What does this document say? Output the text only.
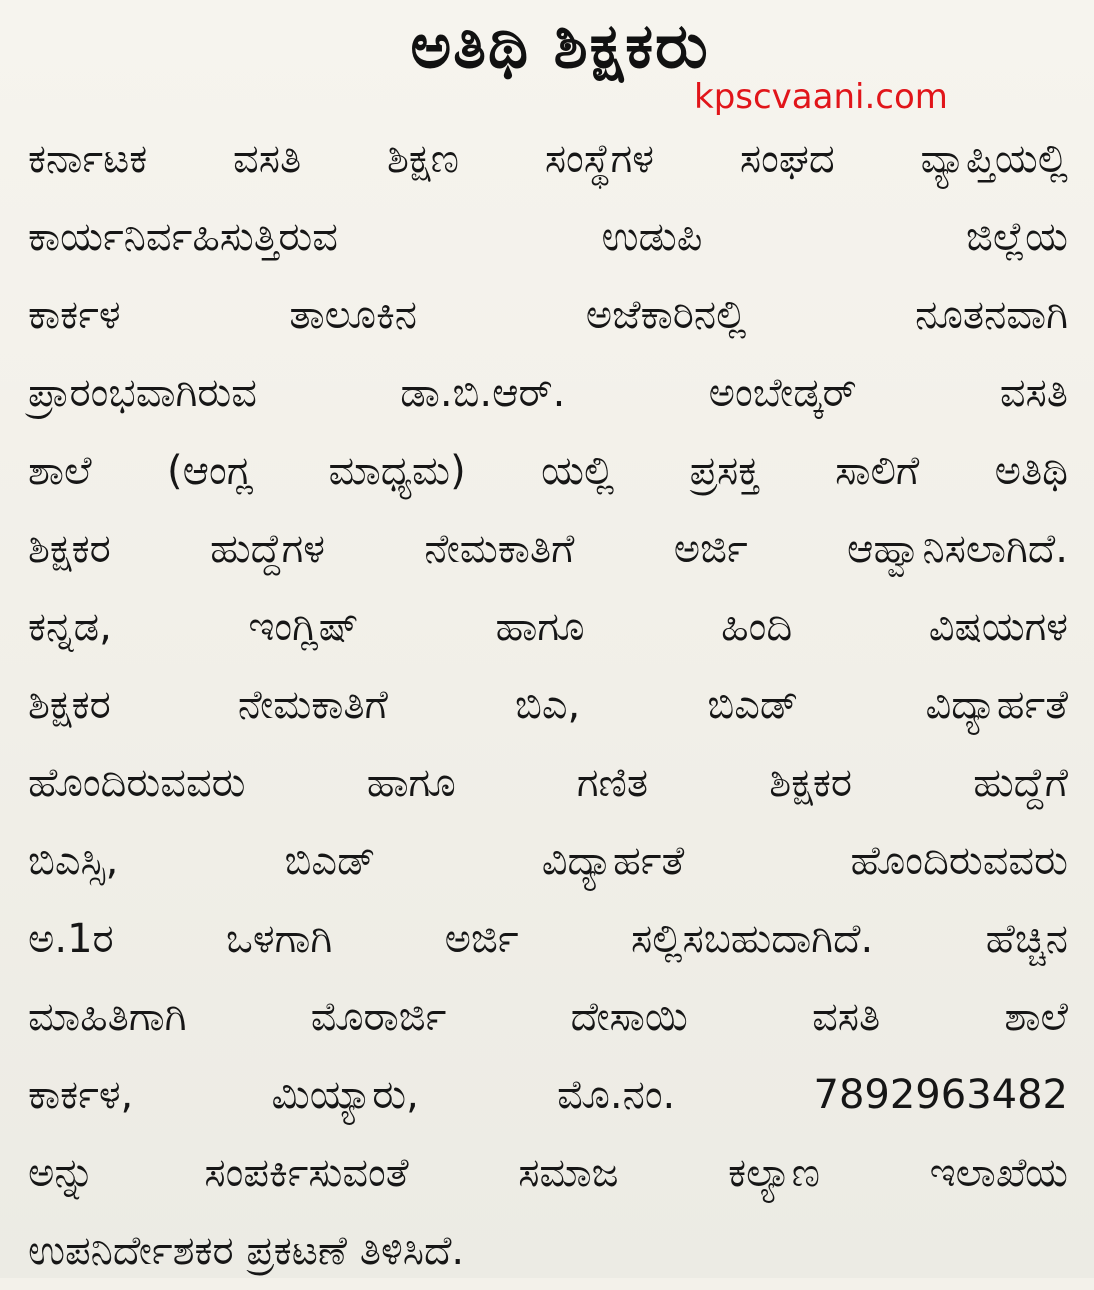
ಅತಿಥಿ ಶಿಕ್ಷಕರು
kpscvaani.com
ಕರ್ನಾಟಕ ವಸತಿ ಶಿಕ್ಷಣ ಸಂಸ್ಥೆಗಳ ಸಂಘದ ವ್ಯಾಪ್ತಿಯಲ್ಲಿ
ಕಾರ್ಯನಿರ್ವಹಿಸುತ್ತಿರುವ ಉಡುಪಿ ಜಿಲ್ಲೆಯ
ಕಾರ್ಕಳ ತಾಲೂಕಿನ ಅಜೆಕಾರಿನಲ್ಲಿ ನೂತನವಾಗಿ
ಪ್ರಾರಂಭವಾಗಿರುವ ಡಾ.ಬಿ.ಆರ್. ಅಂಬೇಡ್ಕರ್ ವಸತಿ
ಶಾಲೆ (ಆಂಗ್ಲ ಮಾಧ್ಯಮ) ಯಲ್ಲಿ ಪ್ರಸಕ್ತ ಸಾಲಿಗೆ ಅತಿಥಿ
ಶಿಕ್ಷಕರ ಹುದ್ದೆಗಳ ನೇಮಕಾತಿಗೆ ಅರ್ಜಿ ಆಹ್ವಾನಿಸಲಾಗಿದೆ.
ಕನ್ನಡ, ಇಂಗ್ಲಿಷ್ ಹಾಗೂ ಹಿಂದಿ ವಿಷಯಗಳ
ಶಿಕ್ಷಕರ ನೇಮಕಾತಿಗೆ ಬಿಎ, ಬಿಎಡ್ ವಿದ್ಯಾರ್ಹತೆ
ಹೊಂದಿರುವವರು ಹಾಗೂ ಗಣಿತ ಶಿಕ್ಷಕರ ಹುದ್ದೆಗೆ
ಬಿಎಸ್ಸಿ, ಬಿಎಡ್ ವಿದ್ಯಾರ್ಹತೆ ಹೊಂದಿರುವವರು
ಅ.1ರ ಒಳಗಾಗಿ ಅರ್ಜಿ ಸಲ್ಲಿಸಬಹುದಾಗಿದೆ. ಹೆಚ್ಚಿನ
ಮಾಹಿತಿಗಾಗಿ ಮೊರಾರ್ಜಿ ದೇಸಾಯಿ ವಸತಿ ಶಾಲೆ
ಕಾರ್ಕಳ, ಮಿಯ್ಯಾರು, ಮೊ.ನಂ. 7892963482
ಅನ್ನು ಸಂಪರ್ಕಿಸುವಂತೆ ಸಮಾಜ ಕಲ್ಯಾಣ ಇಲಾಖೆಯ
ಉಪನಿರ್ದೇಶಕರ ಪ್ರಕಟಣೆ ತಿಳಿಸಿದೆ.
